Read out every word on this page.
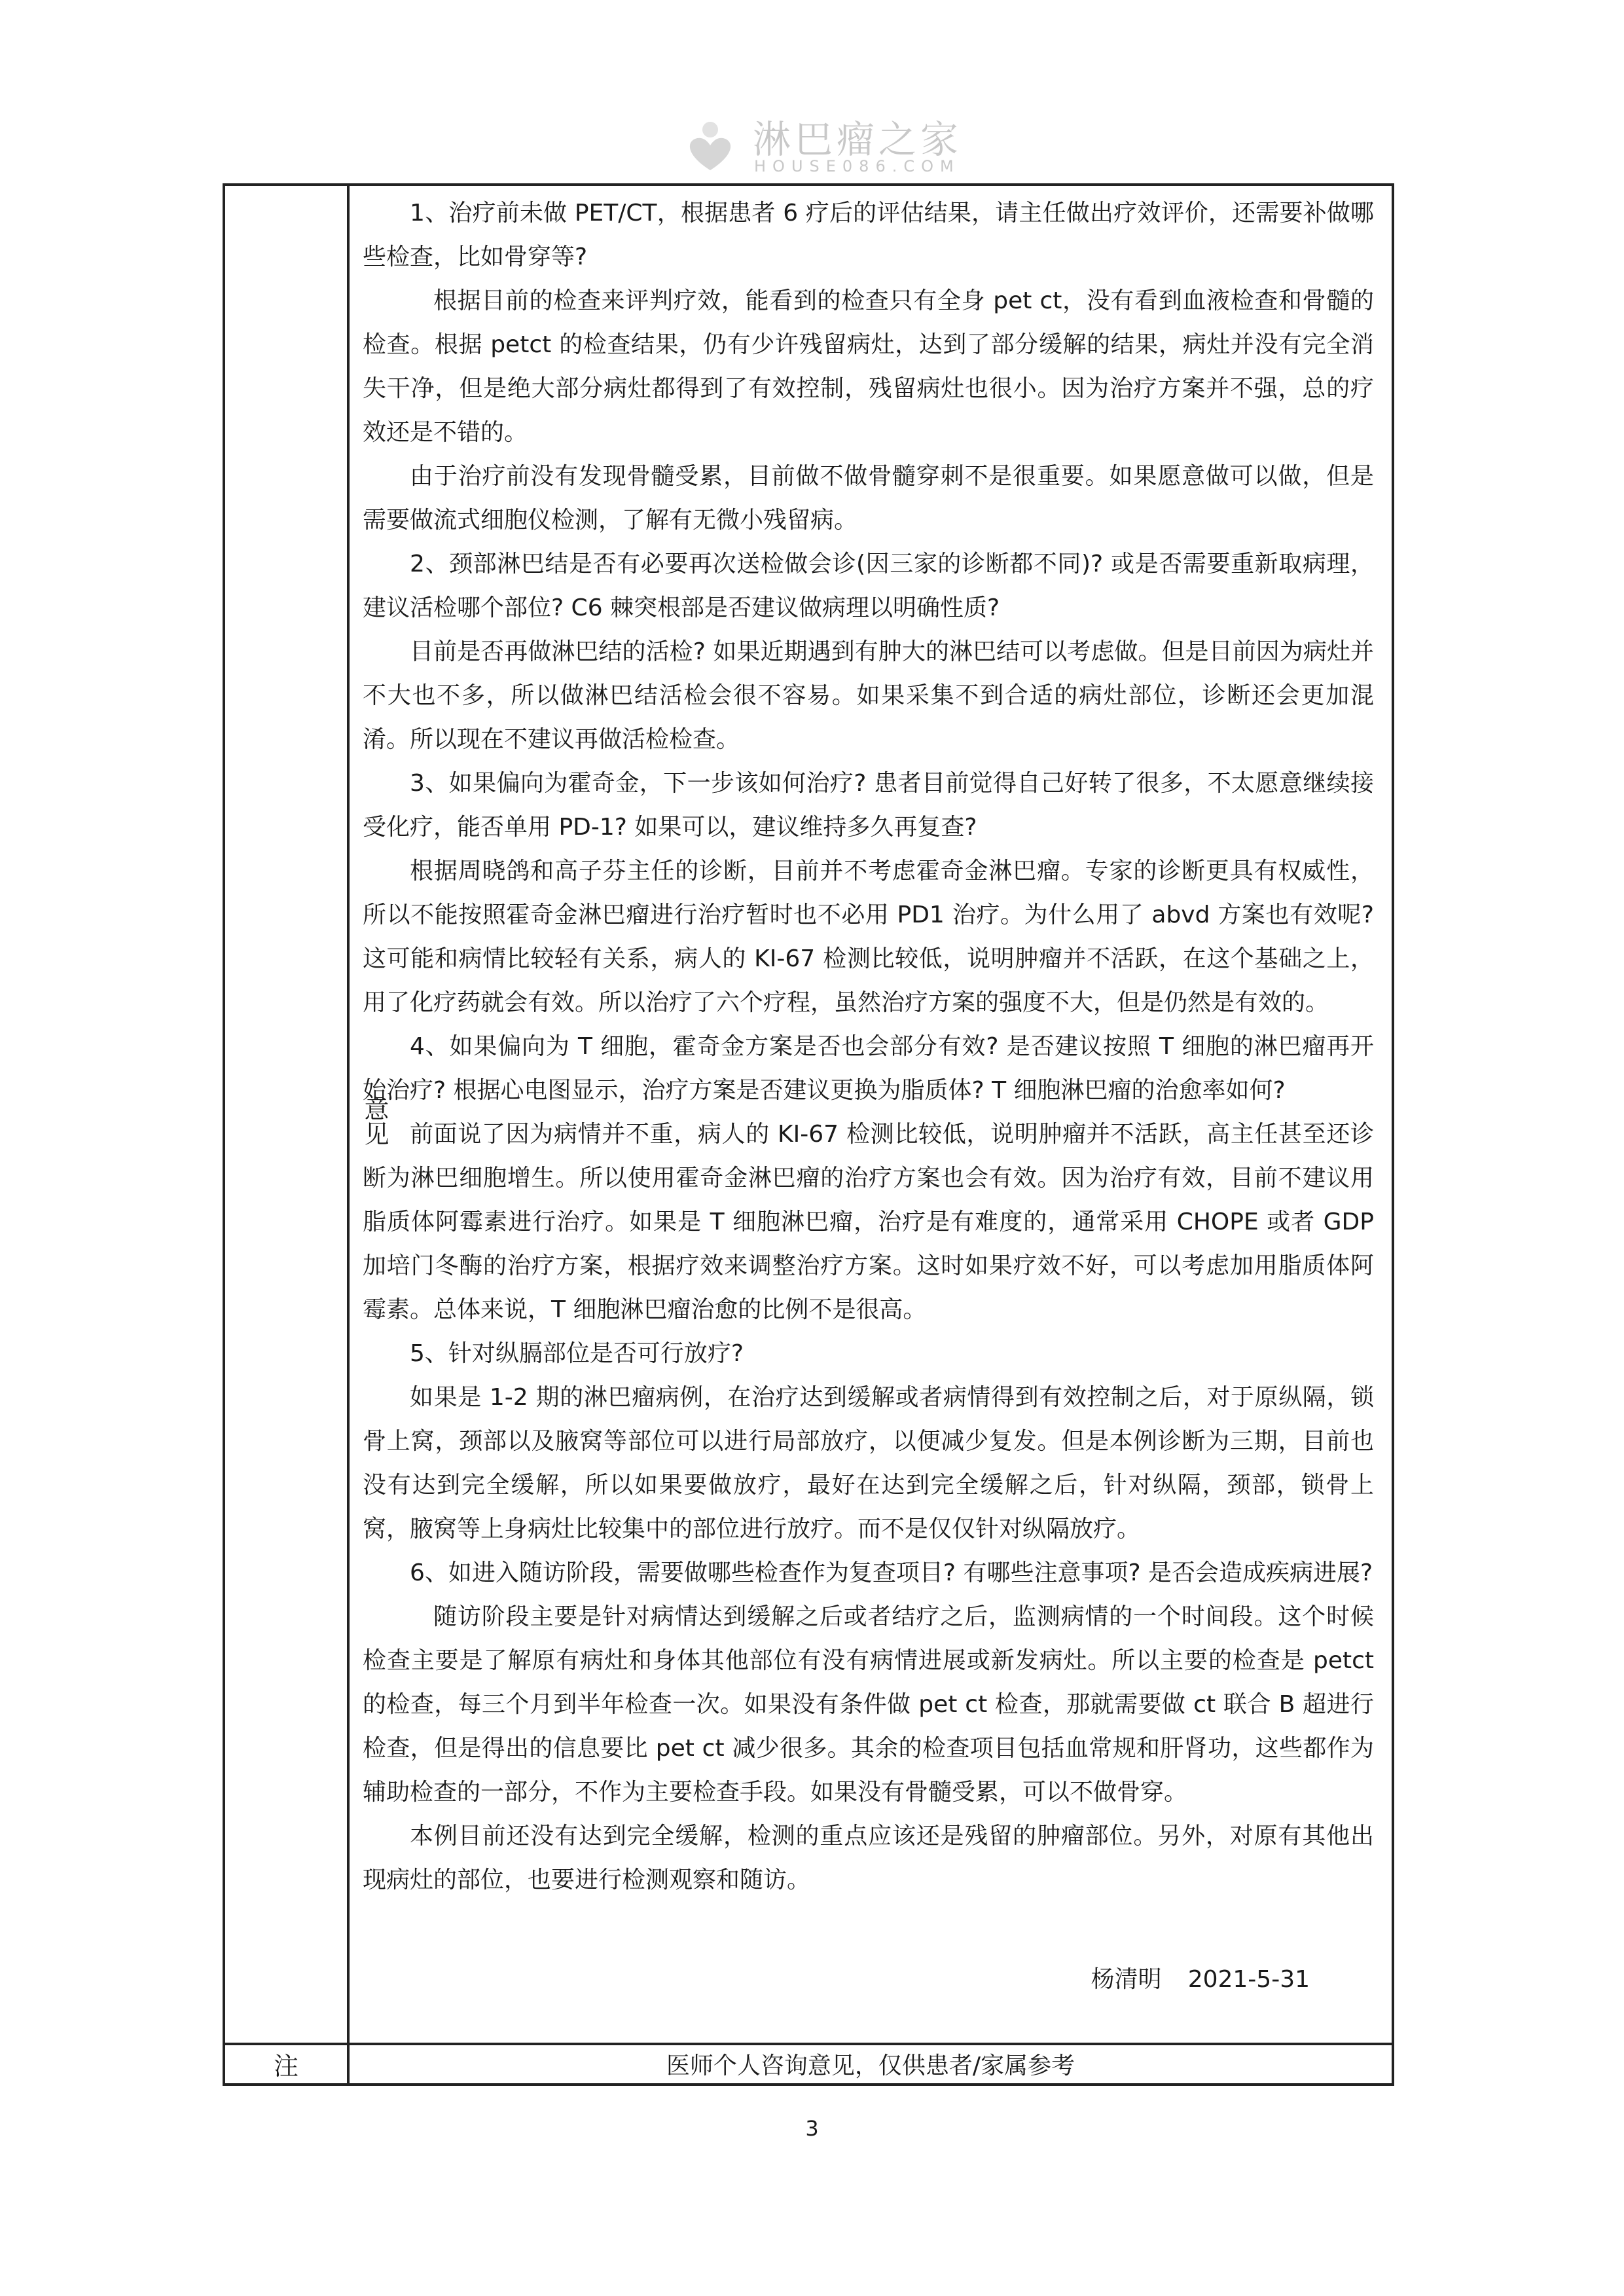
淋巴瘤之家
HOUSE086.COM
意见
注

1、治疗前未做 PET/CT，根据患者 6 疗后的评估结果，请主任做出疗效评价，还需要补做哪些检查，比如骨穿等?

根据目前的检查来评判疗效，能看到的检查只有全身 pet ct，没有看到血液检查和骨髓的检查。根据 petct 的检查结果，仍有少许残留病灶，达到了部分缓解的结果，病灶并没有完全消失干净，但是绝大部分病灶都得到了有效控制，残留病灶也很小。因为治疗方案并不强，总的疗效还是不错的。

由于治疗前没有发现骨髓受累，目前做不做骨髓穿刺不是很重要。如果愿意做可以做，但是需要做流式细胞仪检测，了解有无微小残留病。

2、颈部淋巴结是否有必要再次送检做会诊(因三家的诊断都不同)? 或是否需要重新取病理，建议活检哪个部位? C6 棘突根部是否建议做病理以明确性质?

目前是否再做淋巴结的活检? 如果近期遇到有肿大的淋巴结可以考虑做。但是目前因为病灶并不大也不多，所以做淋巴结活检会很不容易。如果采集不到合适的病灶部位，诊断还会更加混淆。所以现在不建议再做活检检查。

3、如果偏向为霍奇金，下一步该如何治疗? 患者目前觉得自己好转了很多，不太愿意继续接受化疗，能否单用 PD-1? 如果可以，建议维持多久再复查?

根据周晓鸽和高子芬主任的诊断，目前并不考虑霍奇金淋巴瘤。专家的诊断更具有权威性，所以不能按照霍奇金淋巴瘤进行治疗暂时也不必用 PD1 治疗。为什么用了 abvd 方案也有效呢? 这可能和病情比较轻有关系，病人的 KI-67 检测比较低，说明肿瘤并不活跃，在这个基础之上，用了化疗药就会有效。所以治疗了六个疗程，虽然治疗方案的强度不大，但是仍然是有效的。

4、如果偏向为 T 细胞，霍奇金方案是否也会部分有效? 是否建议按照 T 细胞的淋巴瘤再开始治疗? 根据心电图显示，治疗方案是否建议更换为脂质体? T 细胞淋巴瘤的治愈率如何?

前面说了因为病情并不重，病人的 KI-67 检测比较低，说明肿瘤并不活跃，高主任甚至还诊断为淋巴细胞增生。所以使用霍奇金淋巴瘤的治疗方案也会有效。因为治疗有效，目前不建议用脂质体阿霉素进行治疗。如果是 T 细胞淋巴瘤，治疗是有难度的，通常采用 CHOPE 或者 GDP 加培门冬酶的治疗方案，根据疗效来调整治疗方案。这时如果疗效不好，可以考虑加用脂质体阿霉素。总体来说，T 细胞淋巴瘤治愈的比例不是很高。

5、针对纵膈部位是否可行放疗?

如果是 1-2 期的淋巴瘤病例，在治疗达到缓解或者病情得到有效控制之后，对于原纵隔，锁骨上窝，颈部以及腋窝等部位可以进行局部放疗，以便减少复发。但是本例诊断为三期，目前也没有达到完全缓解，所以如果要做放疗，最好在达到完全缓解之后，针对纵隔，颈部，锁骨上窝，腋窝等上身病灶比较集中的部位进行放疗。而不是仅仅针对纵隔放疗。

6、如进入随访阶段，需要做哪些检查作为复查项目? 有哪些注意事项? 是否会造成疾病进展?

随访阶段主要是针对病情达到缓解之后或者结疗之后，监测病情的一个时间段。这个时候检查主要是了解原有病灶和身体其他部位有没有病情进展或新发病灶。所以主要的检查是 petct 的检查，每三个月到半年检查一次。如果没有条件做 pet ct 检查，那就需要做 ct 联合 B 超进行检查，但是得出的信息要比 pet ct 减少很多。其余的检查项目包括血常规和肝肾功，这些都作为辅助检查的一部分，不作为主要检查手段。如果没有骨髓受累，可以不做骨穿。

本例目前还没有达到完全缓解，检测的重点应该还是残留的肿瘤部位。另外，对原有其他出现病灶的部位，也要进行检测观察和随访。

杨清明 2021-5-31
医师个人咨询意见，仅供患者/家属参考
3
